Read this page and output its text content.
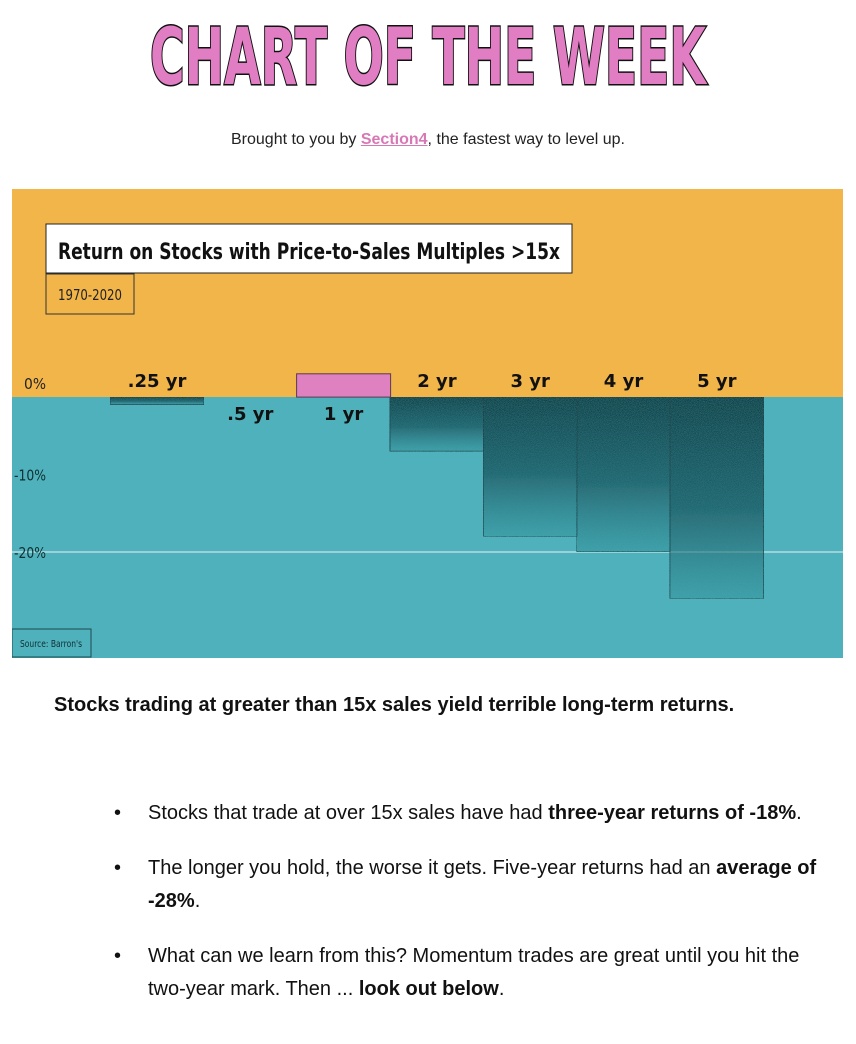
CHART OF THE WEEK
Brought to you by Section4, the fastest way to level up.
Return on Stocks with Price-to-Sales Multiples >15x
1970-2020
0%
-10%
-20%
.25 yr
.5 yr	1 yr
2 yr	3 yr	4 yr	5 yr
Source: Barron's
Stocks trading at greater than 15x sales yield terrible long-term returns.
• Stocks that trade at over 15x sales have had three-year returns of -18%.
• The longer you hold, the worse it gets. Five-year returns had an average of -28%.
• What can we learn from this? Momentum trades are great until you hit the two-year mark. Then ... look out below.
